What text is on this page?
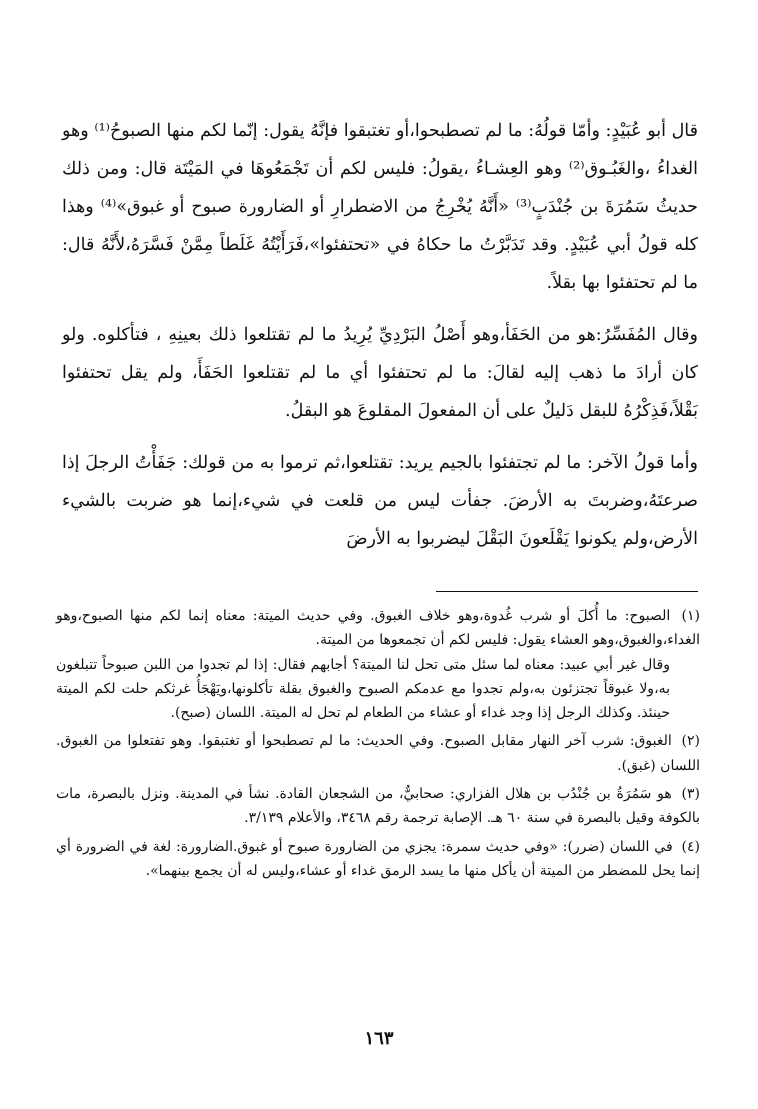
قال أبو عُبَيْدٍ: وأمّا قولُهُ: ما لم تصطبحوا،أو تغتبقوا فإنَّهُ يقول: إنّما لكم منها الصبوحُ⁽¹⁾ وهو الغداءُ ،والغَبُـوق⁽²⁾ وهو العِشـاءُ ،يقولُ: فليس لكم أن تَجْمَعُوهَا في المَيْتَة قال: ومن ذلك حديثُ سَمُرَةَ بن جُنْدَبٍ⁽³⁾ «أَنَّهُ يُخْرِجُ من الاضطرارِ أو الضارورة صبوح أو غبوق»⁽⁴⁾ وهذا كله قولُ أبي عُبَيْدٍ. وقد تَدَبَّرْتُ ما حكاهُ في «تحتفئوا»،فَرَأَيْتُهُ غَلَطاً مِمَّنْ فَسَّرَهُ،لأَنَّهُ قال: ما لم تحتفئوا بها بقلاً.

وقال المُفَسِّرُ:هو من الحَفَأ،وهو أَصْلُ البَرْدِيِّ يُرِيدُ ما لم تقتلعوا ذلك بعينِهِ ، فتأكلوه. ولو كان أرادَ ما ذهب إليه لقالَ: ما لم تحتفئوا أي ما لم تقتلعوا الحَفَأَ، ولم يقل تحتفئوا بَقْلاً،فَذِكْرُهُ للبقل دَليلٌ على أن المفعولَ المقلوعَ هو البقلُ.

وأما قولُ الآخر: ما لم تجتفئوا بالجيم يريد: تقتلعوا،ثم ترموا به من قولك: جَفَأْتُ الرجلَ إذا صرعتَهُ،وضربتَ به الأرضَ. جفأت ليس من قلعت في شيء،إنما هو ضربت بالشيء الأرض،ولم يكونوا يَقْلَعونَ البَقْلَ ليضربوا به الأرضَ

(١) الصبوح: ما أُكلَ أو شرب غُدوة،وهو خلاف الغبوق. وفي حديث الميتة: معناه إنما لكم منها الصبوح،وهو الغداء،والغبوق،وهو العشاء يقول: فليس لكم أن تجمعوها من الميتة.
وقال غير أبي عبيد: معناه لما سئل متى تحل لنا الميتة؟ أجابهم فقال: إذا لم تجدوا من اللبن صبوحاً تتبلغون به،ولا غبوقاً تجتزئون به،ولم تجدوا مع عدمكم الصبوح والغبوق بقلة تأكلونها،ويَهْجَأُ غرثكم حلت لكم الميتة حينئذ. وكذلك الرجل إذا وجد غداء أو عشاء من الطعام لم تحل له الميتة. اللسان (صبح).
(٢) الغبوق: شرب آخر النهار مقابل الصبوح. وفي الحديث: ما لم تصطبحوا أو تغتبقوا. وهو تفتعلوا من الغبوق. اللسان (غبق).
(٣) هو سَمُرَةُ بن جُنْدُب بن هلال الفزاري: صحابيٌّ، من الشجعان القادة. نشأ في المدينة. ونزل بالبصرة، مات بالكوفة وقيل بالبصرة في سنة ٦٠ هـ. الإصابة ترجمة رقم ٣٤٦٨، والأعلام ٣/١٣٩.
(٤) في اللسان (ضرر): «وفي حديث سمرة: يجزي من الضارورة صبوح أو غبوق.الضارورة: لغة في الضرورة أي إنما يحل للمضطر من الميتة أن يأكل منها ما يسد الرمق غداء أو عشاء،وليس له أن يجمع بينهما».
١٦٣
